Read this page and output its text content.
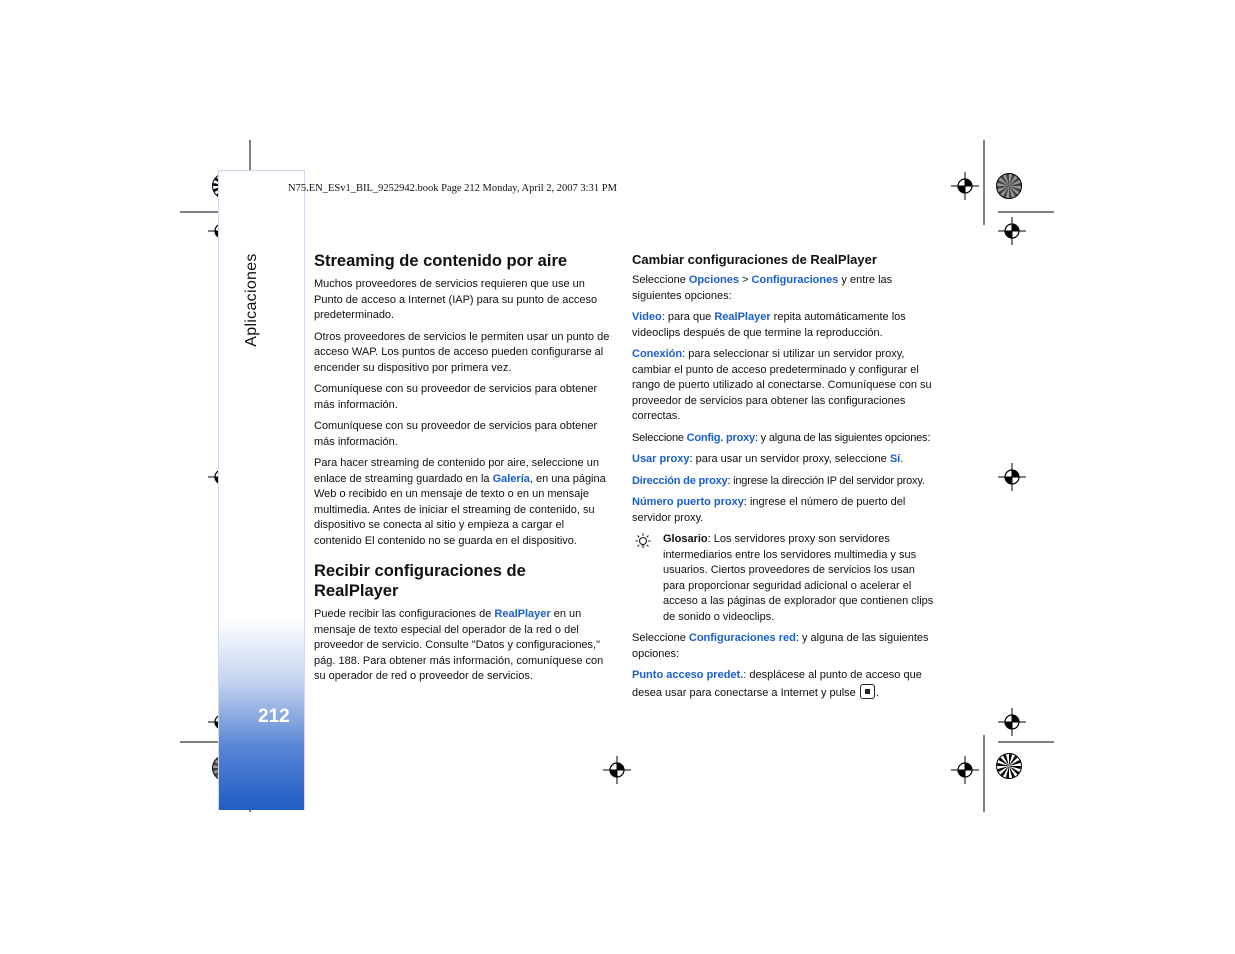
Aplicaciones
212
N75.EN_ESv1_BIL_9252942.book Page 212 Monday, April 2, 2007 3:31 PM
Streaming de contenido por aire

Muchos proveedores de servicios requieren que use un Punto de acceso a Internet (IAP) para su punto de acceso predeterminado.

Otros proveedores de servicios le permiten usar un punto de acceso WAP. Los puntos de acceso pueden configurarse al encender su dispositivo por primera vez.

Comuníquese con su proveedor de servicios para obtener más información.

Comuníquese con su proveedor de servicios para obtener más información.

Para hacer streaming de contenido por aire, seleccione un enlace de streaming guardado en la Galería, en una página Web o recibido en un mensaje de texto o en un mensaje multimedia. Antes de iniciar el streaming de contenido, su dispositivo se conecta al sitio y empieza a cargar el contenido El contenido no se guarda en el dispositivo.

Recibir configuraciones de RealPlayer

Puede recibir las configuraciones de RealPlayer en un mensaje de texto especial del operador de la red o del proveedor de servicio. Consulte "Datos y configuraciones," pág. 188. Para obtener más información, comuníquese con su operador de red o proveedor de servicios.

Cambiar configuraciones de RealPlayer

Seleccione Opciones > Configuraciones y entre las siguientes opciones:

Video: para que RealPlayer repita automáticamente los videoclips después de que termine la reproducción.

Conexión: para seleccionar si utilizar un servidor proxy, cambiar el punto de acceso predeterminado y configurar el rango de puerto utilizado al conectarse. Comuníquese con su proveedor de servicios para obtener las configuraciones correctas.

Seleccione Config. proxy: y alguna de las siguientes opciones:

Usar proxy: para usar un servidor proxy, seleccione Sí.

Dirección de proxy: ingrese la dirección IP del servidor proxy.

Número puerto proxy: ingrese el número de puerto del servidor proxy.

Glosario: Los servidores proxy son servidores intermediarios entre los servidores multimedia y sus usuarios. Ciertos proveedores de servicios los usan para proporcionar seguridad adicional o acelerar el acceso a las páginas de explorador que contienen clips de sonido o videoclips.

Seleccione Configuraciones red: y alguna de las siguientes opciones:

Punto acceso predet.: desplácese al punto de acceso que desea usar para conectarse a Internet y pulse .
